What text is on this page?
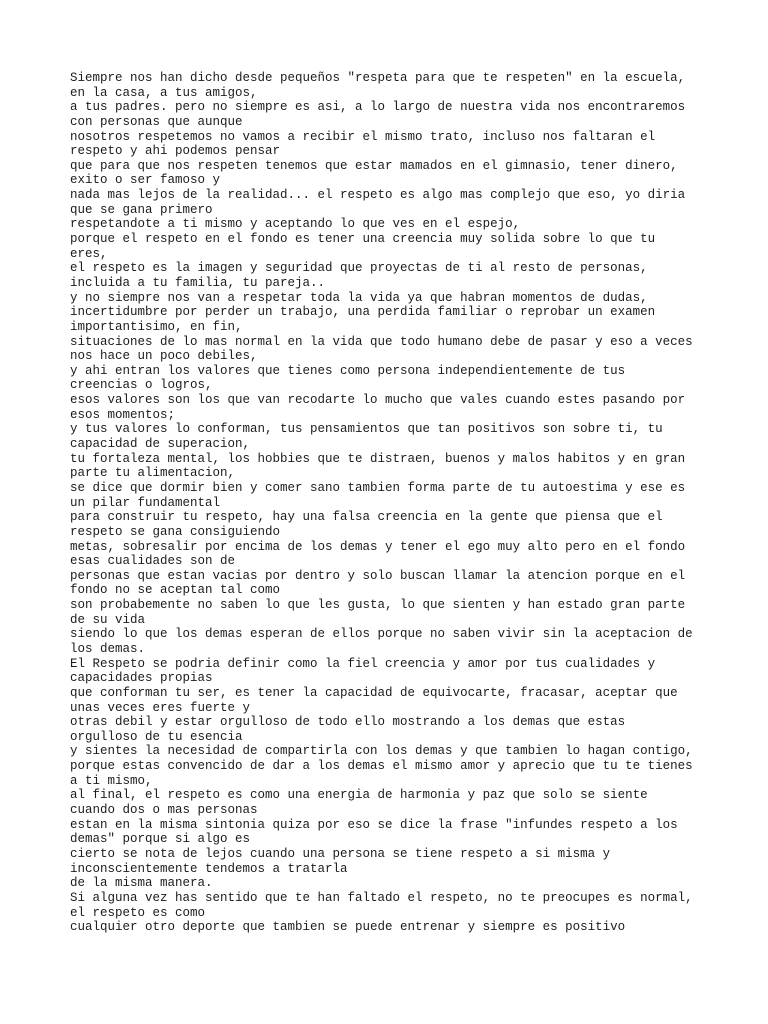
Siempre nos han dicho desde pequeños "respeta para que te respeten" en la escuela,
en la casa, a tus amigos,
a tus padres. pero no siempre es asi, a lo largo de nuestra vida nos encontraremos
con personas que aunque
nosotros respetemos no vamos a recibir el mismo trato, incluso nos faltaran el
respeto y ahi podemos pensar
que para que nos respeten tenemos que estar mamados en el gimnasio, tener dinero,
exito o ser famoso y
nada mas lejos de la realidad... el respeto es algo mas complejo que eso, yo diria
que se gana primero
respetandote a ti mismo y aceptando lo que ves en el espejo,
porque el respeto en el fondo es tener una creencia muy solida sobre lo que tu
eres,
el respeto es la imagen y seguridad que proyectas de ti al resto de personas,
incluida a tu familia, tu pareja..
y no siempre nos van a respetar toda la vida ya que habran momentos de dudas,
incertidumbre por perder un trabajo, una perdida familiar o reprobar un examen
importantisimo, en fin,
situaciones de lo mas normal en la vida que todo humano debe de pasar y eso a veces
nos hace un poco debiles,
y ahi entran los valores que tienes como persona independientemente de tus
creencias o logros,
esos valores son los que van recodarte lo mucho que vales cuando estes pasando por
esos momentos;
y tus valores lo conforman, tus pensamientos que tan positivos son sobre ti, tu
capacidad de superacion,
tu fortaleza mental, los hobbies que te distraen, buenos y malos habitos y en gran
parte tu alimentacion,
se dice que dormir bien y comer sano tambien forma parte de tu autoestima y ese es
un pilar fundamental
para construir tu respeto, hay una falsa creencia en la gente que piensa que el
respeto se gana consiguiendo
metas, sobresalir por encima de los demas y tener el ego muy alto pero en el fondo
esas cualidades son de
personas que estan vacias por dentro y solo buscan llamar la atencion porque en el
fondo no se aceptan tal como
son probabemente no saben lo que les gusta, lo que sienten y han estado gran parte
de su vida
siendo lo que los demas esperan de ellos porque no saben vivir sin la aceptacion de
los demas.
El Respeto se podria definir como la fiel creencia y amor por tus cualidades y
capacidades propias
que conforman tu ser, es tener la capacidad de equivocarte, fracasar, aceptar que
unas veces eres fuerte y
otras debil y estar orgulloso de todo ello mostrando a los demas que estas
orgulloso de tu esencia
y sientes la necesidad de compartirla con los demas y que tambien lo hagan contigo,
porque estas convencido de dar a los demas el mismo amor y aprecio que tu te tienes
a ti mismo,
al final, el respeto es como una energia de harmonia y paz que solo se siente
cuando dos o mas personas
estan en la misma sintonia quiza por eso se dice la frase "infundes respeto a los
demas" porque si algo es
cierto se nota de lejos cuando una persona se tiene respeto a si misma y
inconscientemente tendemos a tratarla
de la misma manera.
Si alguna vez has sentido que te han faltado el respeto, no te preocupes es normal,
el respeto es como
cualquier otro deporte que tambien se puede entrenar y siempre es positivo
